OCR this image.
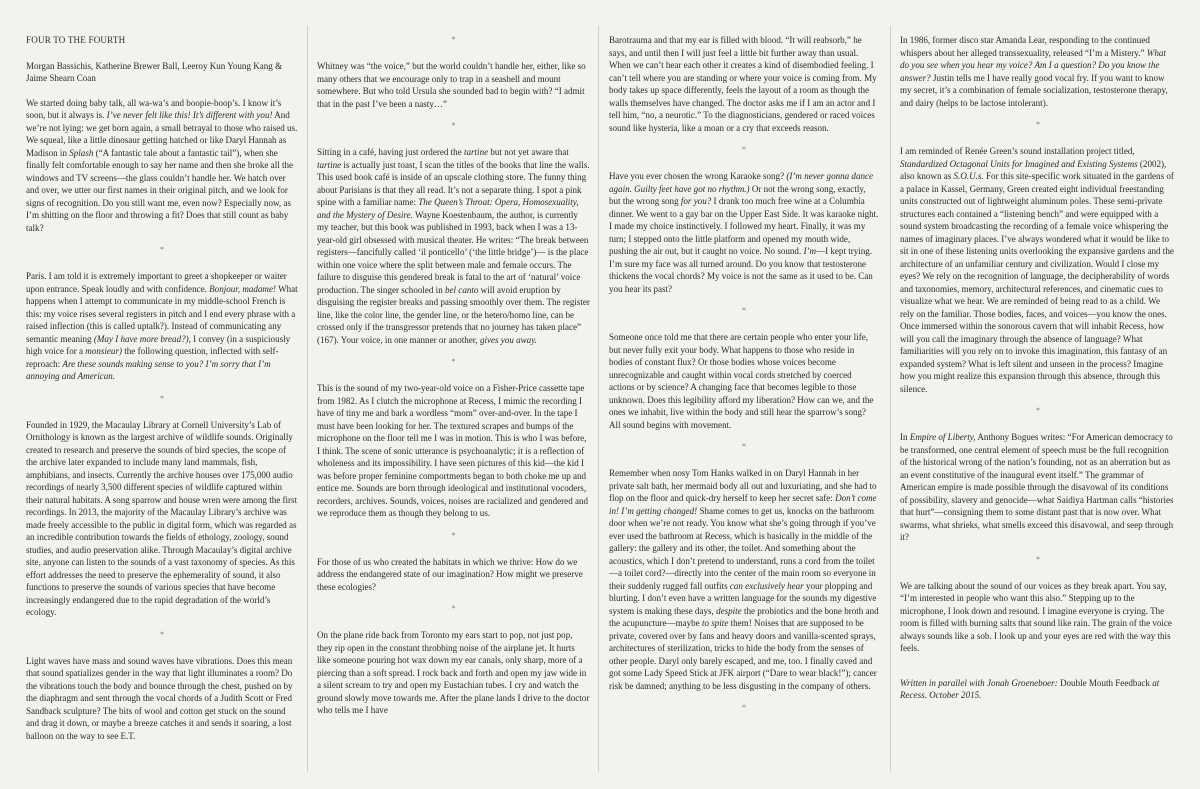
FOUR TO THE FOURTH

Morgan Bassichis, Katherine Brewer Ball, Leeroy Kun Young Kang & Jaime Shearn Coan

We started doing baby talk, all wa-wa’s and boopie-boop’s. I know it’s soon, but it always is. I’ve never felt like this! It’s different with you! And we’re not lying: we get born again, a small betrayal to those who raised us. We squeal, like a little dinosaur getting hatched or like Daryl Hannah as Madison in Splash (“A fantastic tale about a fantastic tail”), when she finally felt comfortable enough to say her name and then she broke all the windows and TV screens—the glass couldn’t handle her. We hatch over and over, we utter our first names in their original pitch, and we look for signs of recognition. Do you still want me, even now? Especially now, as I’m shitting on the floor and throwing a fit? Does that still count as baby talk?

*

Paris. I am told it is extremely important to greet a shopkeeper or waiter upon entrance. Speak loudly and with confidence. Bonjour, madame! What happens when I attempt to communicate in my middle-school French is this: my voice rises several registers in pitch and I end every phrase with a raised inflection (this is called uptalk?). Instead of communicating any semantic meaning (May I have more bread?), I convey (in a suspiciously high voice for a monsieur) the following question, inflected with self-reproach: Are these sounds making sense to you? I’m sorry that I’m annoying and American.

*

Founded in 1929, the Macaulay Library at Cornell University’s Lab of Ornithology is known as the largest archive of wildlife sounds. Originally created to research and preserve the sounds of bird species, the scope of the archive later expanded to include many land mammals, fish, amphibians, and insects. Currently the archive houses over 175,000 audio recordings of nearly 3,500 different species of wildlife captured within their natural habitats. A song sparrow and house wren were among the first recordings. In 2013, the majority of the Macaulay Library’s archive was made freely accessible to the public in digital form, which was regarded as an incredible contribution towards the fields of ethology, zoology, sound studies, and audio preservation alike. Through Macaulay’s digital archive site, anyone can listen to the sounds of a vast taxonomy of species. As this effort addresses the need to preserve the ephemerality of sound, it also functions to preserve the sounds of various species that have become increasingly endangered due to the rapid degradation of the world’s ecology.

*

Light waves have mass and sound waves have vibrations. Does this mean that sound spatializes gender in the way that light illuminates a room? Do the vibrations touch the body and bounce through the chest, pushed on by the diaphragm and sent through the vocal chords of a Judith Scott or Fred Sandback sculpture? The bits of wool and cotton get stuck on the sound and drag it down, or maybe a breeze catches it and sends it soaring, a lost balloon on the way to see E.T.

*

Whitney was “the voice,” but the world couldn’t handle her, either, like so many others that we encourage only to trap in a seashell and mount somewhere. But who told Ursula she sounded bad to begin with? “I admit that in the past I’ve been a nasty…”

*

Sitting in a café, having just ordered the tartine but not yet aware that tartine is actually just toast, I scan the titles of the books that line the walls. This used book café is inside of an upscale clothing store. The funny thing about Parisians is that they all read. It’s not a separate thing. I spot a pink spine with a familiar name: The Queen’s Throat: Opera, Homosexuality, and the Mystery of Desire. Wayne Koestenbaum, the author, is currently my teacher, but this book was published in 1993, back when I was a 13-year-old girl obsessed with musical theater. He writes: “The break between registers—fancifully called ‘il ponticello’ (‘the little bridge’)— is the place within one voice where the split between male and female occurs. The failure to disguise this gendered break is fatal to the art of ‘natural’ voice production. The singer schooled in bel canto will avoid eruption by disguising the register breaks and passing smoothly over them. The register line, like the color line, the gender line, or the hetero/homo line, can be crossed only if the transgressor pretends that no journey has taken place” (167). Your voice, in one manner or another, gives you away.

*

This is the sound of my two-year-old voice on a Fisher-Price cassette tape from 1982. As I clutch the microphone at Recess, I mimic the recording I have of tiny me and bark a wordless “mom” over-and-over. In the tape I must have been looking for her. The textured scrapes and bumps of the microphone on the floor tell me I was in motion. This is who I was before, I think. The scene of sonic utterance is psychoanalytic; it is a reflection of wholeness and its impossibility. I have seen pictures of this kid—the kid I was before proper feminine comportments began to both choke me up and entice me. Sounds are born through ideological and institutional vocoders, recorders, archives. Sounds, voices, noises are racialized and gendered and we reproduce them as though they belong to us.

*

For those of us who created the habitats in which we thrive: How do we address the endangered state of our imagination? How might we preserve these ecologies?

*

On the plane ride back from Toronto my ears start to pop, not just pop, they rip open in the constant throbbing noise of the airplane jet. It hurts like someone pouring hot wax down my ear canals, only sharp, more of a piercing than a soft spread. I rock back and forth and open my jaw wide in a silent scream to try and open my Eustachian tubes. I cry and watch the ground slowly move towards me. After the plane lands I drive to the doctor who tells me I have

Barotrauma and that my ear is filled with blood. “It will reabsorb,” he says, and until then I will just feel a little bit further away than usual. When we can’t hear each other it creates a kind of disembodied feeling. I can’t tell where you are standing or where your voice is coming from. My body takes up space differently, feels the layout of a room as though the walls themselves have changed. The doctor asks me if I am an actor and I tell him, “no, a neurotic.” To the diagnosticians, gendered or raced voices sound like hysteria, like a moan or a cry that exceeds reason.

*

Have you ever chosen the wrong Karaoke song? (I’m never gonna dance again. Guilty feet have got no rhythm.) Or not the wrong song, exactly, but the wrong song for you? I drank too much free wine at a Columbia dinner. We went to a gay bar on the Upper East Side. It was karaoke night. I made my choice instinctively. I followed my heart. Finally, it was my turn; I stepped onto the little platform and opened my mouth wide, pushing the air out, but it caught no voice. No sound. I’m—I kept trying. I’m sure my face was all turned around. Do you know that testosterone thickens the vocal chords? My voice is not the same as it used to be. Can you hear its past?

*

Someone once told me that there are certain people who enter your life, but never fully exit your body. What happens to those who reside in bodies of constant flux? Or those bodies whose voices become unrecognizable and caught within vocal cords stretched by coerced actions or by science? A changing face that becomes legible to those unknown. Does this legibility afford my liberation? How can we, and the ones we inhabit, live within the body and still hear the sparrow’s song? All sound begins with movement.

*

Remember when nosy Tom Hanks walked in on Daryl Hannah in her private salt bath, her mermaid body all out and luxuriating, and she had to flop on the floor and quick-dry herself to keep her secret safe: Don’t come in! I’m getting changed! Shame comes to get us, knocks on the bathroom door when we’re not ready. You know what she’s going through if you’ve ever used the bathroom at Recess, which is basically in the middle of the gallery: the gallery and its other, the toilet. And something about the acoustics, which I don’t pretend to understand, runs a cord from the toilet—a toilet cord?—directly into the center of the main room so everyone in their suddenly rugged fall outfits can exclusively hear your plopping and blurting. I don’t even have a written language for the sounds my digestive system is making these days, despite the probiotics and the bone broth and the acupuncture—maybe to spite them! Noises that are supposed to be private, covered over by fans and heavy doors and vanilla-scented sprays, architectures of sterilization, tricks to hide the body from the senses of other people. Daryl only barely escaped, and me, too. I finally caved and got some Lady Speed Stick at JFK airport (“Dare to wear black!”); cancer risk be damned; anything to be less disgusting in the company of others.

*

In 1986, former disco star Amanda Lear, responding to the continued whispers about her alleged transsexuality, released “I’m a Mistery.” What do you see when you hear my voice? Am I a question? Do you know the answer? Justin tells me I have really good vocal fry. If you want to know my secret, it’s a combination of female socialization, testosterone therapy, and dairy (helps to be lactose intolerant).

*

I am reminded of Renée Green’s sound installation project titled, Standardized Octagonal Units for Imagined and Existing Systems (2002), also known as S.O.U.s. For this site-specific work situated in the gardens of a palace in Kassel, Germany, Green created eight individual freestanding units constructed out of lightweight aluminum poles. These semi-private structures each contained a “listening bench” and were equipped with a sound system broadcasting the recording of a female voice whispering the names of imaginary places. I’ve always wondered what it would be like to sit in one of these listening units overlooking the expansive gardens and the architecture of an unfamiliar century and civilization. Would I close my eyes? We rely on the recognition of language, the decipherability of words and taxonomies, memory, architectural references, and cinematic cues to visualize what we hear. We are reminded of being read to as a child. We rely on the familiar. Those bodies, faces, and voices—you know the ones. Once immersed within the sonorous cavern that will inhabit Recess, how will you call the imaginary through the absence of language? What familiarities will you rely on to invoke this imagination, this fantasy of an expanded system? What is left silent and unseen in the process? Imagine how you might realize this expansion through this absence, through this silence.

*

In Empire of Liberty, Anthony Bogues writes: “For American democracy to be transformed, one central element of speech must be the full recognition of the historical wrong of the nation’s founding, not as an aberration but as an event constitutive of the inaugural event itself.” The grammar of American empire is made possible through the disavowal of its conditions of possibility, slavery and genocide—what Saidiya Hartman calls “histories that hurt”—consigning them to some distant past that is now over. What swarms, what shrieks, what smells exceed this disavowal, and seep through it?

*

We are talking about the sound of our voices as they break apart. You say, “I’m interested in people who want this also.” Stepping up to the microphone, I look down and resound. I imagine everyone is crying. The room is filled with burning salts that sound like rain. The grain of the voice always sounds like a sob. I look up and your eyes are red with the way this feels.

Written in parallel with Jonah Groeneboer: Double Mouth Feedback at Recess. October 2015.
